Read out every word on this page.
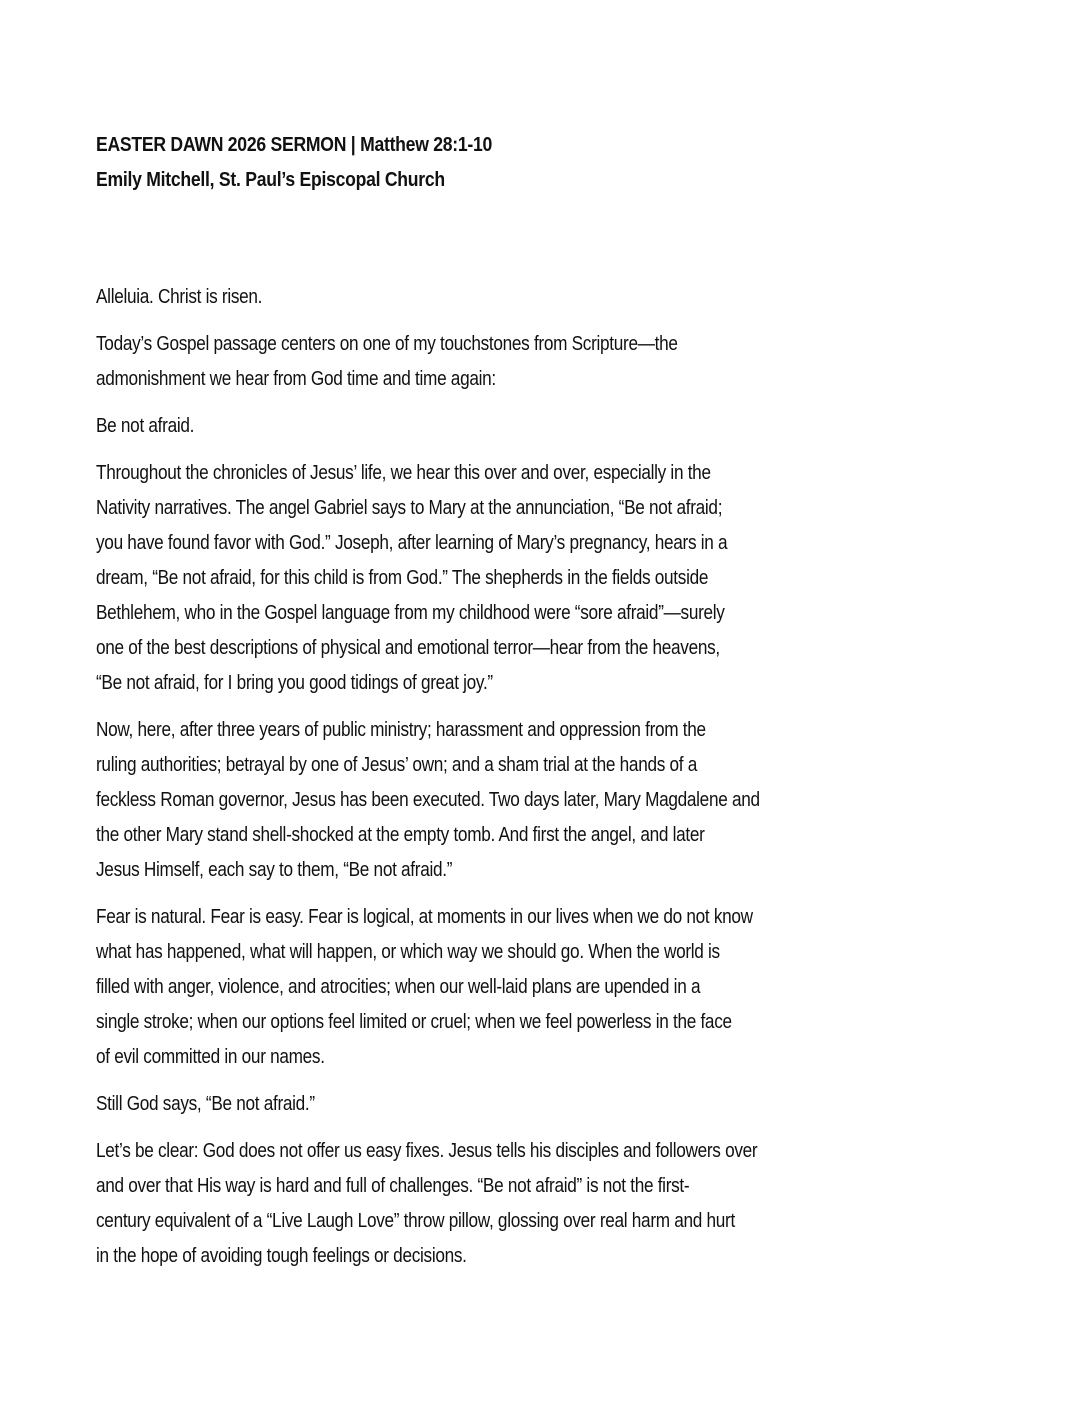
EASTER DAWN 2026 SERMON | Matthew 28:1-10
Emily Mitchell, St. Paul’s Episcopal Church
Alleluia. Christ is risen.
Today’s Gospel passage centers on one of my touchstones from Scripture—the
admonishment we hear from God time and time again:
Be not afraid.
Throughout the chronicles of Jesus’ life, we hear this over and over, especially in the
Nativity narratives. The angel Gabriel says to Mary at the annunciation, “Be not afraid;
you have found favor with God.” Joseph, after learning of Mary’s pregnancy, hears in a
dream, “Be not afraid, for this child is from God.” The shepherds in the fields outside
Bethlehem, who in the Gospel language from my childhood were “sore afraid”—surely
one of the best descriptions of physical and emotional terror—hear from the heavens,
“Be not afraid, for I bring you good tidings of great joy.”
Now, here, after three years of public ministry; harassment and oppression from the
ruling authorities; betrayal by one of Jesus’ own; and a sham trial at the hands of a
feckless Roman governor, Jesus has been executed. Two days later, Mary Magdalene and
the other Mary stand shell-shocked at the empty tomb. And first the angel, and later
Jesus Himself, each say to them, “Be not afraid.”
Fear is natural. Fear is easy. Fear is logical, at moments in our lives when we do not know
what has happened, what will happen, or which way we should go. When the world is
filled with anger, violence, and atrocities; when our well-laid plans are upended in a
single stroke; when our options feel limited or cruel; when we feel powerless in the face
of evil committed in our names.
Still God says, “Be not afraid.”
Let’s be clear: God does not offer us easy fixes. Jesus tells his disciples and followers over
and over that His way is hard and full of challenges. “Be not afraid” is not the first-
century equivalent of a “Live Laugh Love” throw pillow, glossing over real harm and hurt
in the hope of avoiding tough feelings or decisions.
